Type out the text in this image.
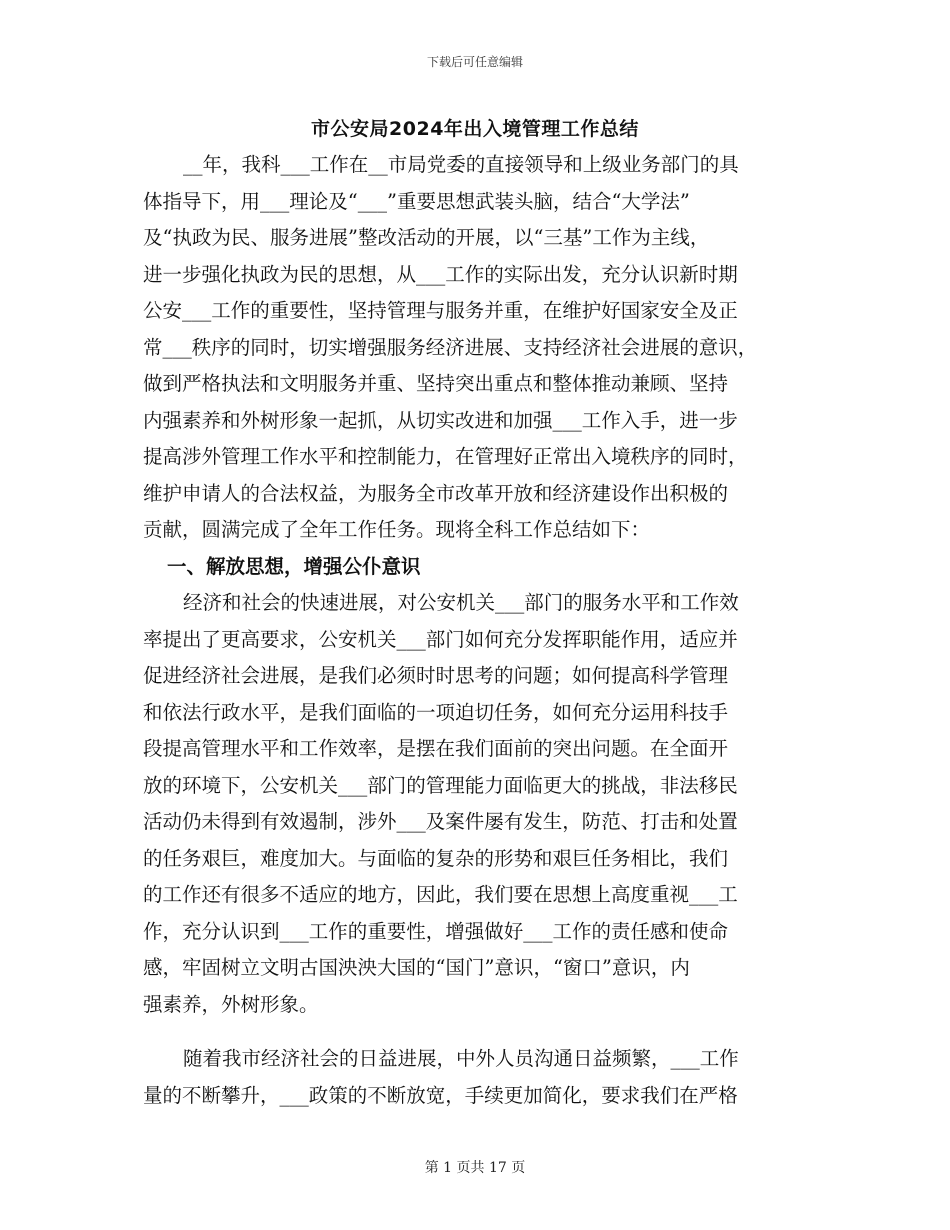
下载后可任意编辑
市公安局2024年出入境管理工作总结
__年，我科___工作在__市局党委的直接领导和上级业务部门的具
体指导下，用___理论及“___”重要思想武装头脑，结合“大学法”
及“执政为民、服务进展”整改活动的开展，以“三基”工作为主线，
进一步强化执政为民的思想，从___工作的实际出发，充分认识新时期
公安___工作的重要性，坚持管理与服务并重，在维护好国家安全及正
常___秩序的同时，切实增强服务经济进展、支持经济社会进展的意识，
做到严格执法和文明服务并重、坚持突出重点和整体推动兼顾、坚持
内强素养和外树形象一起抓，从切实改进和加强___工作入手，进一步
提高涉外管理工作水平和控制能力，在管理好正常出入境秩序的同时，
维护申请人的合法权益，为服务全市改革开放和经济建设作出积极的
贡献，圆满完成了全年工作任务。现将全科工作总结如下：
一、解放思想，增强公仆意识
经济和社会的快速进展，对公安机关___部门的服务水平和工作效
率提出了更高要求，公安机关___部门如何充分发挥职能作用，适应并
促进经济社会进展，是我们必须时时思考的问题；如何提高科学管理
和依法行政水平，是我们面临的一项迫切任务，如何充分运用科技手
段提高管理水平和工作效率，是摆在我们面前的突出问题。在全面开
放的环境下，公安机关___部门的管理能力面临更大的挑战，非法移民
活动仍未得到有效遏制，涉外___及案件屡有发生，防范、打击和处置
的任务艰巨，难度加大。与面临的复杂的形势和艰巨任务相比，我们
的工作还有很多不适应的地方，因此，我们要在思想上高度重视___工
作，充分认识到___工作的重要性，增强做好___工作的责任感和使命
感，牢固树立文明古国泱泱大国的“国门”意识，“窗口”意识，内
强素养，外树形象。
随着我市经济社会的日益进展，中外人员沟通日益频繁，___工作
量的不断攀升，___政策的不断放宽，手续更加简化，要求我们在严格
第 1 页共 17 页
